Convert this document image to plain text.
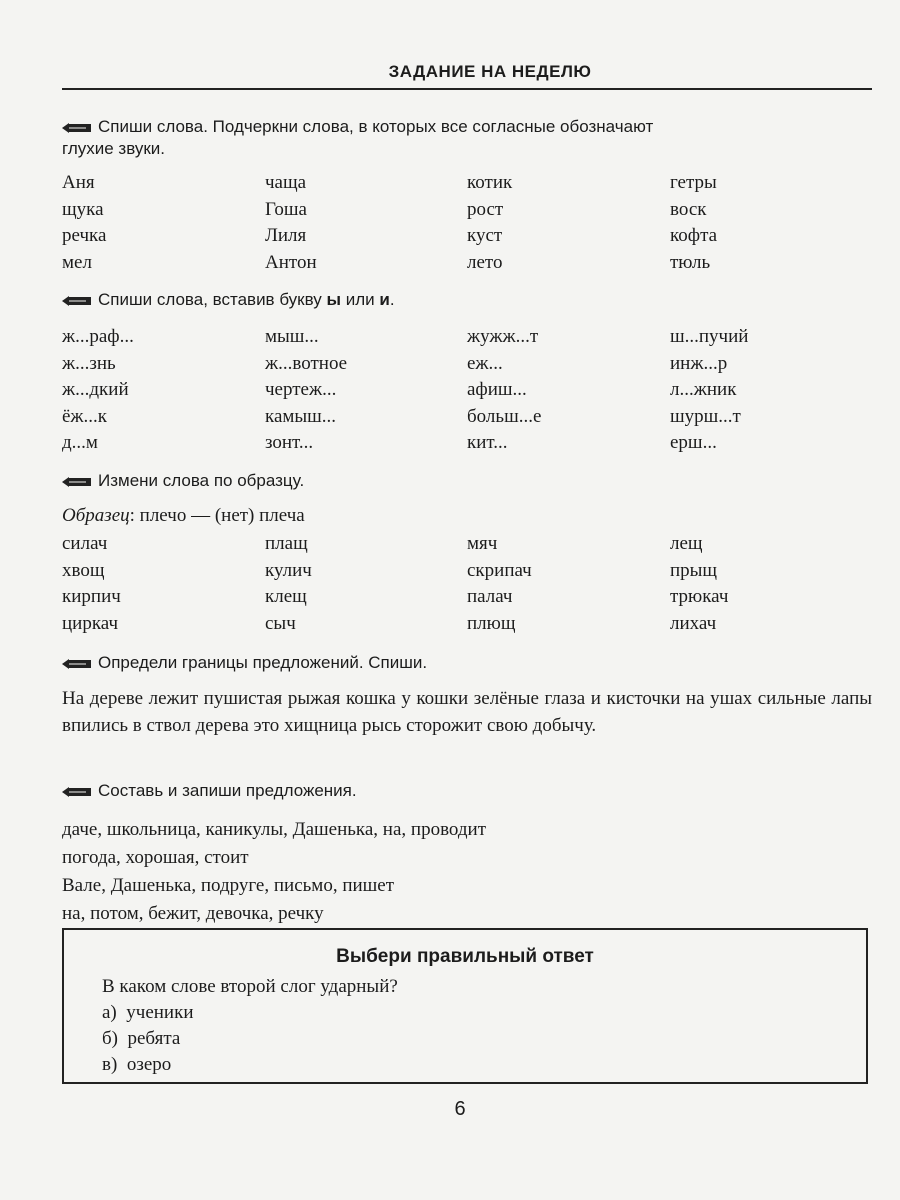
ЗАДАНИЕ НА НЕДЕЛЮ
Спиши слова. Подчеркни слова, в которых все согласные обозначают
глухие звуки.
Аня	чаща	котик	гетры
щука	Гоша	рост	воск
речка	Лиля	куст	кофта
мел	Антон	лето	тюль
Спиши слова, вставив букву ы или и.
ж...раф...	мыш...	жужж...т	ш...пучий
ж...знь	ж...вотное	еж...	инж...р
ж...дкий	чертеж...	афиш...	л...жник
ёж...к	камыш...	больш...е	шурш...т
д...м	зонт...	кит...	ерш...
Измени слова по образцу.
Образец: плечо — (нет) плеча
силач	плащ	мяч	лещ
хвощ	кулич	скрипач	прыщ
кирпич	клещ	палач	трюкач
циркач	сыч	плющ	лихач
Определи границы предложений. Спиши.
На дереве лежит пушистая рыжая кошка у кошки зелёные глаза и кисточки на ушах сильные лапы впились в ствол дерева это хищница рысь сторожит свою добычу.
Составь и запиши предложения.
даче, школьница, каникулы, Дашенька, на, проводит
погода, хорошая, стоит
Вале, Дашенька, подруге, письмо, пишет
на, потом, бежит, девочка, речку
Выбери правильный ответ
В каком слове второй слог ударный?
а) ученики
б) ребята
в) озеро
6
